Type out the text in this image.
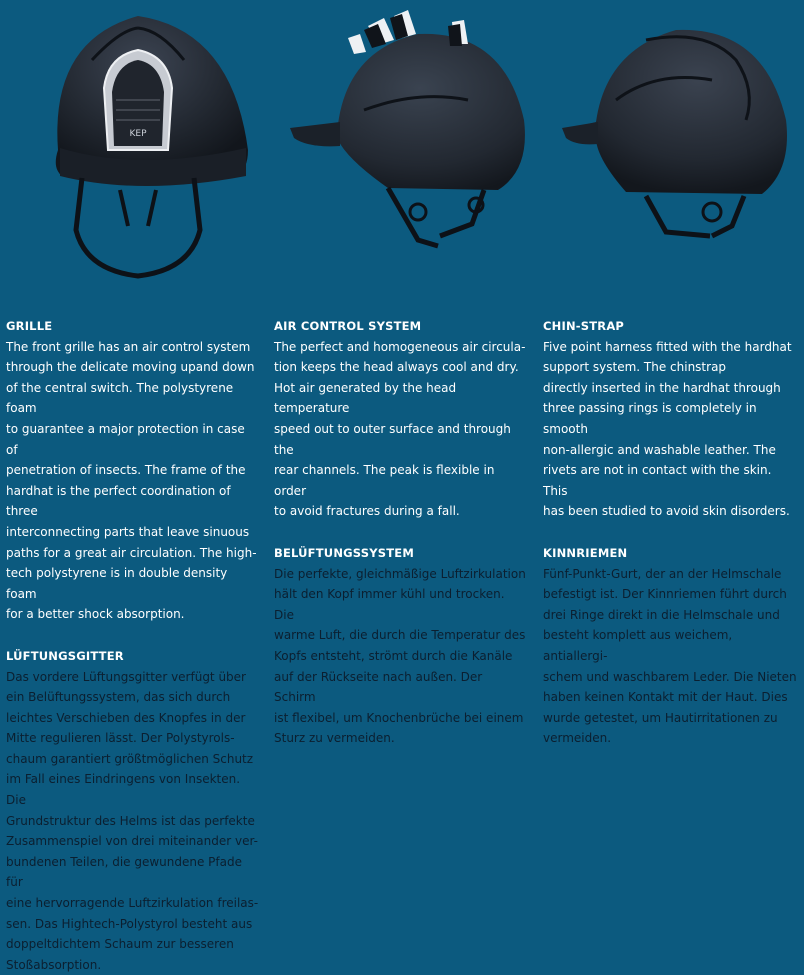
KEP
GRILLE
The front grille has an air control system
through the delicate moving upand down
of the central switch. The polystyrene foam
to guarantee a major protection in case of
penetration of insects. The frame of the
hardhat is the perfect coordination of three
interconnecting parts that leave sinuous
paths for a great air circulation. The high-
tech polystyrene is in double density foam
for a better shock absorption.
LÜFTUNGSGITTER
Das vordere Lüftungsgitter verfügt über
ein Belüftungssystem, das sich durch
leichtes Verschieben des Knopfes in der
Mitte regulieren lässt. Der Polystyrols-
chaum garantiert größtmöglichen Schutz
im Fall eines Eindringens von Insekten. Die
Grundstruktur des Helms ist das perfekte
Zusammenspiel von drei miteinander ver-
bundenen Teilen, die gewundene Pfade für
eine hervorragende Luftzirkulation freilas-
sen. Das Hightech-Polystyrol besteht aus
doppeltdichtem Schaum zur besseren
Stoßabsorption.
AIR CONTROL SYSTEM
The perfect and homogeneous air circula-
tion keeps the head always cool and dry.
Hot air generated by the head temperature
speed out to outer surface and through the
rear channels. The peak is flexible in order
to avoid fractures during a fall.
BELÜFTUNGSSYSTEM
Die perfekte, gleichmäßige Luftzirkulation
hält den Kopf immer kühl und trocken. Die
warme Luft, die durch die Temperatur des
Kopfs entsteht, strömt durch die Kanäle
auf der Rückseite nach außen. Der Schirm
ist flexibel, um Knochenbrüche bei einem
Sturz zu vermeiden.
CHIN-STRAP
Five point harness fitted with the hardhat
support system. The chinstrap
directly inserted in the hardhat through
three passing rings is completely in smooth
non-allergic and washable leather. The
rivets are not in contact with the skin. This
has been studied to avoid skin disorders.
KINNRIEMEN
Fünf-Punkt-Gurt, der an der Helmschale
befestigt ist. Der Kinnriemen führt durch
drei Ringe direkt in die Helmschale und
besteht komplett aus weichem, antiallergi-
schem und waschbarem Leder. Die Nieten
haben keinen Kontakt mit der Haut. Dies
wurde getestet, um Hautirritationen zu
vermeiden.
